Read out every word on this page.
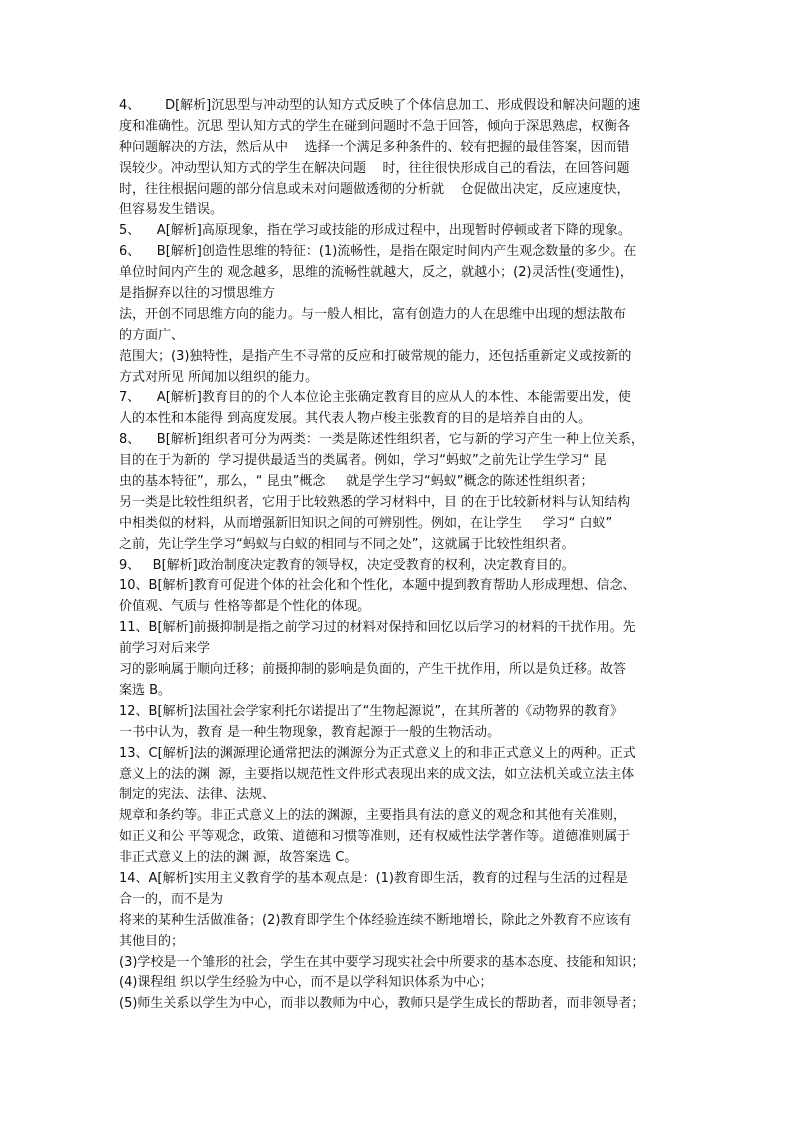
4、      D[解析]沉思型与冲动型的认知方式反映了个体信息加工、形成假设和解决问题的速
度和准确性。沉思 型认知方式的学生在碰到问题时不急于回答，倾向于深思熟虑，权衡各
种问题解决的方法，然后从中    选择一个满足多种条件的、较有把握的最佳答案，因而错
误较少。冲动型认知方式的学生在解决问题    时，往往很快形成自己的看法，在回答问题
时，往往根据问题的部分信息或未对问题做透彻的分析就    仓促做出决定，反应速度快，
但容易发生错误。
5、    A[解析]高原现象，指在学习或技能的形成过程中，出现暂时停顿或者下降的现象。
6、    B[解析]创造性思维的特征：(1)流畅性，是指在限定时间内产生观念数量的多少。在
单位时间内产生的 观念越多，思维的流畅性就越大，反之，就越小；(2)灵活性(变通性)，
是指摒弃以往的习惯思维方
法，开创不同思维方向的能力。与一般人相比，富有创造力的人在思维中出现的想法散布
的方面广、
范围大；(3)独特性，是指产生不寻常的反应和打破常规的能力，还包括重新定义或按新的
方式对所见 所闻加以组织的能力。
7、    A[解析]教育目的的个人本位论主张确定教育目的应从人的本性、本能需要出发，使
人的本性和本能得 到高度发展。其代表人物卢梭主张教育的目的是培养自由的人。
8、    B[解析]组织者可分为两类：一类是陈述性组织者，它与新的学习产生一种上位关系，
目的在于为新的  学习提供最适当的类属者。例如，学习“蚂蚁”之前先让学生学习“ 昆
虫的基本特征”，那么，“ 昆虫”概念     就是学生学习“蚂蚁”概念的陈述性组织者；
另一类是比较性组织者，它用于比较熟悉的学习材料中，目 的在于比较新材料与认知结构
中相类似的材料，从而增强新旧知识之间的可辨别性。例如，在让学生     学习“ 白蚁”
之前，先让学生学习“蚂蚁与白蚁的相同与不同之处”，这就属于比较性组织者。
9、   B[解析]政治制度决定教育的领导权，决定受教育的权利，决定教育目的。
10、B[解析]教育可促进个体的社会化和个性化，本题中提到教育帮助人形成理想、信念、
价值观、气质与 性格等都是个性化的体现。
11、B[解析]前摄抑制是指之前学习过的材料对保持和回忆以后学习的材料的干扰作用。先
前学习对后来学
习的影响属于顺向迁移；前摄抑制的影响是负面的，产生干扰作用，所以是负迁移。故答
案选 B。
12、B[解析]法国社会学家利托尔诺提出了“生物起源说”，在其所著的《动物界的教育》
一书中认为，教育 是一种生物现象，教育起源于一般的生物活动。
13、C[解析]法的渊源理论通常把法的渊源分为正式意义上的和非正式意义上的两种。正式
意义上的法的渊  源，主要指以规范性文件形式表现出来的成文法，如立法机关或立法主体
制定的宪法、法律、法规、
规章和条约等。非正式意义上的法的渊源，主要指具有法的意义的观念和其他有关准则，
如正义和公 平等观念，政策、道德和习惯等准则，还有权威性法学著作等。道德准则属于
非正式意义上的法的渊 源，故答案选 C。
14、A[解析]实用主义教育学的基本观点是：(1)教育即生活，教育的过程与生活的过程是
合一的，而不是为
将来的某种生活做准备；(2)教育即学生个体经验连续不断地增长，除此之外教育不应该有
其他目的；
(3)学校是一个雏形的社会，学生在其中要学习现实社会中所要求的基本态度、技能和知识；
(4)课程组 织以学生经验为中心，而不是以学科知识体系为中心；
(5)师生关系以学生为中心，而非以教师为中心，教师只是学生成长的帮助者，而非领导者；
